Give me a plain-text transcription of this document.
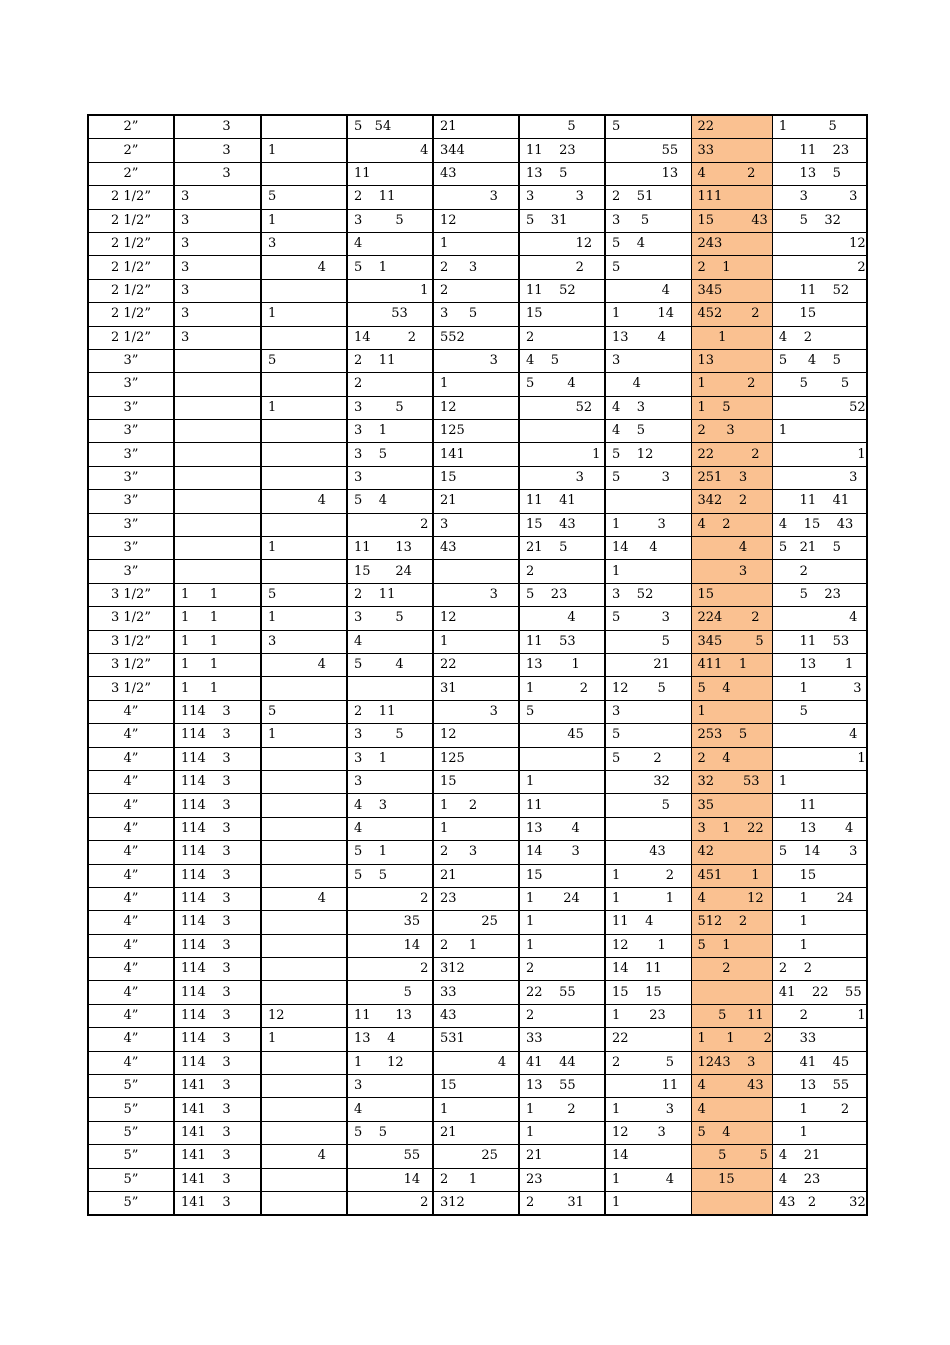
2”	3		5   54	21	5	5	22	1          5
2”	3	1	4	344	11    23	55	33	11    23
2”	3		11	43	13    5	13	4          2	13    5
2 1/2”	3	5	2    11	3	3          3	2    51	111	3          3
2 1/2”	3	1	3        5	12	5    31	3     5	15         43	5    32
2 1/2”	3	3	4	1	12	5    4	243	12
2 1/2”	3	4	5    1	2     3	2	5	2    1	2
2 1/2”	3		1	2	11    52	4	345	11    52
2 1/2”	3	1	53	3     5	15	1         14	452       2	15
2 1/2”	3		14         2	552	2	13       4	1	4    2
3”		5	2    11	3	4    5	3	13	5     4    5
3”			2	1	5        4	4	1          2	5        5
3”		1	3        5	12	52	4    3	1    5	52
3”			3    1	125		4    5	2     3	1
3”			3    5	141	1	5    12	22         2	1
3”			3	15	3	5          3	251    3	3
3”		4	5    4	21	11    41		342    2	11    41
3”			2	3	15    43	1         3	4    2	4    15    43
3”		1	11      13	43	21    5	14     4	4	5   21    5
3”			15      24		2	1	3	2
3 1/2”	1     1	5	2    11	3	5    23	3    52	15	5    23
3 1/2”	1     1	1	3        5	12	4	5          3	224       2	4
3 1/2”	1     1	3	4	1	11    53	5	345        5	11    53
3 1/2”	1     1	4	5        4	22	13       1	21	411    1	13       1
3 1/2”	1     1			31	1           2	12       5	5    4	1           3
4”	114    3	5	2    11	3	5	3	1	5
4”	114    3	1	3        5	12	45	5	253    5	4
4”	114    3		3    1	125		5        2	2    4	1
4”	114    3		3	15	1	32	32       53	1
4”	114    3		4    3	1     2	11	5	35	11
4”	114    3		4	1	13       4		3    1    22	13       4
4”	114    3		5    1	2     3	14       3	43	42	5    14       3
4”	114    3		5    5	21	15	1           2	451       1	15
4”	114    3	4	2	23	1       24	1           1	4          12	1       24
4”	114    3		35	25	1	11    4	512    2	1
4”	114    3		14	2     1	1	12       1	5    1	1
4”	114    3		2	312	2	14    11	2	2    2
4”	114    3		5	33	22    55	15    15		41    22    55
4”	114    3	12	11      13	43	2	1       23	5     11	2            1
4”	114    3	1	13    4	531	33	22	1     1       2	33
4”	114    3		1      12	4	41    44	2           5	1243    3	41    45
5”	141    3		3	15	13    55	11	4          43	13    55
5”	141    3		4	1	1        2	1           3	4	1        2
5”	141    3		5    5	21	1	12       3	5    4	1
5”	141    3	4	55	25	21	14	5        5	4    21
5”	141    3		14	2     1	23	1           4	15	4    23
5”	141    3		2	312	2        31	1		43   2        32
